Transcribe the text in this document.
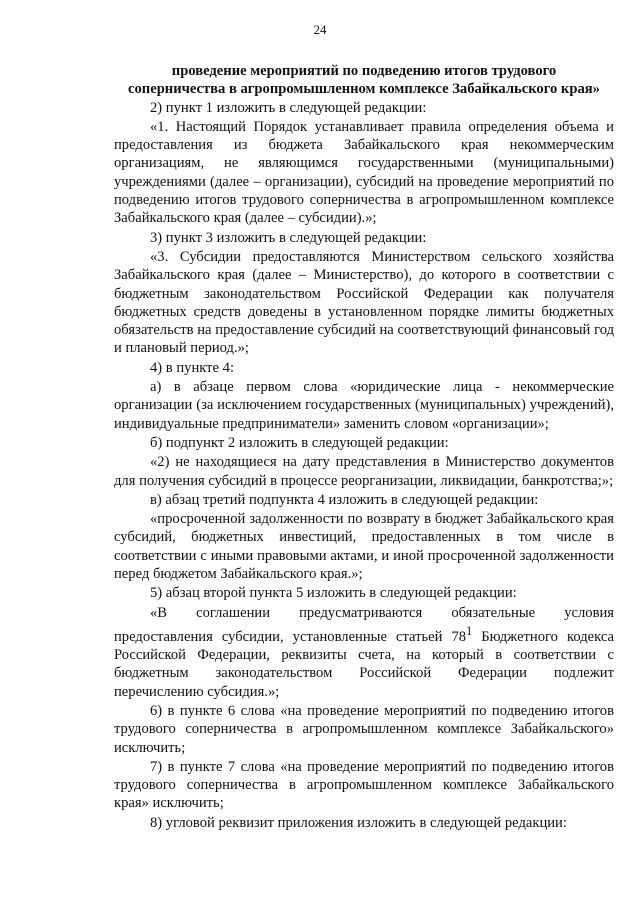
24
проведение мероприятий по подведению итогов трудового
соперничества в агропромышленном комплексе Забайкальского края»

2) пункт 1 изложить в следующей редакции:

«1. Настоящий Порядок устанавливает правила определения объема и предоставления из бюджета Забайкальского края некоммерческим организациям, не являющимся государственными (муниципальными) учреждениями (далее – организации), субсидий на проведение мероприятий по подведению итогов трудового соперничества в агропромышленном комплексе Забайкальского края (далее – субсидии).»;

3) пункт 3 изложить в следующей редакции:

«3. Субсидии предоставляются Министерством сельского хозяйства Забайкальского края (далее – Министерство), до которого в соответствии с бюджетным законодательством Российской Федерации как получателя бюджетных средств доведены в установленном порядке лимиты бюджетных обязательств на предоставление субсидий на соответствующий финансовый год и плановый период.»;

4) в пункте 4:

а) в абзаце первом слова «юридические лица - некоммерческие организации (за исключением государственных (муниципальных) учреждений), индивидуальные предприниматели» заменить словом «организации»;

б) подпункт 2 изложить в следующей редакции:

«2) не находящиеся на дату представления в Министерство документов для получения субсидий в процессе реорганизации, ликвидации, банкротства;»;

в) абзац третий подпункта 4 изложить в следующей редакции:

«просроченной задолженности по возврату в бюджет Забайкальского края субсидий, бюджетных инвестиций, предоставленных в том числе в соответствии с иными правовыми актами, и иной просроченной задолженности перед бюджетом Забайкальского края.»;

5) абзац второй пункта 5 изложить в следующей редакции:

«В соглашении предусматриваются обязательные условия предоставления субсидии, установленные статьей $78^1$ Бюджетного кодекса Российской Федерации, реквизиты счета, на который в соответствии с бюджетным законодательством Российской Федерации подлежит перечислению субсидия.»;

6) в пункте 6 слова «на проведение мероприятий по подведению итогов трудового соперничества в агропромышленном комплексе Забайкальского» исключить;

7) в пункте 7 слова «на проведение мероприятий по подведению итогов трудового соперничества в агропромышленном комплексе Забайкальского края» исключить;

8) угловой реквизит приложения изложить в следующей редакции:
